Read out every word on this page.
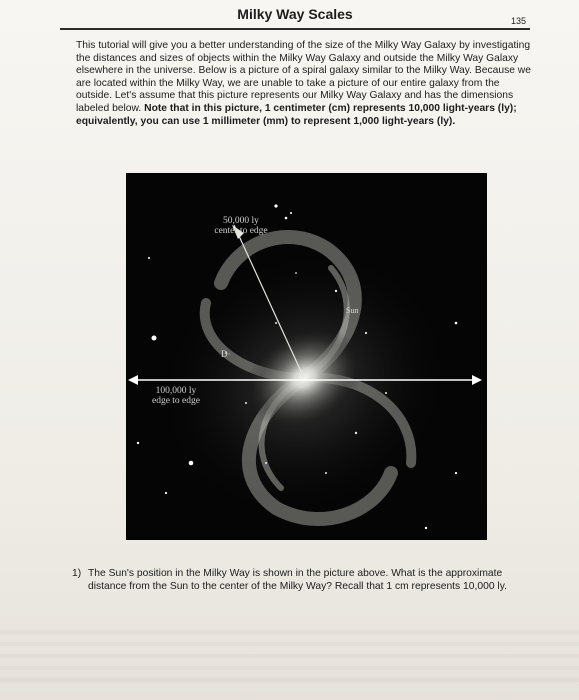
Milky Way Scales	135
This tutorial will give you a better understanding of the size of the Milky Way Galaxy by investigating the distances and sizes of objects within the Milky Way Galaxy and outside the Milky Way Galaxy elsewhere in the universe. Below is a picture of a spiral galaxy similar to the Milky Way. Because we are located within the Milky Way, we are unable to take a picture of our entire galaxy from the outside. Let's assume that this picture represents our Milky Way Galaxy and has the dimensions labeled below. Note that in this picture, 1 centimeter (cm) represents 10,000 light-years (ly); equivalently, you can use 1 millimeter (mm) to represent 1,000 light-years (ly).
50,000 ly
center to edge
100,000 ly
edge to edge
Sun
D·
1) The Sun's position in the Milky Way is shown in the picture above. What is the approximate distance from the Sun to the center of the Milky Way? Recall that 1 cm represents 10,000 ly.
